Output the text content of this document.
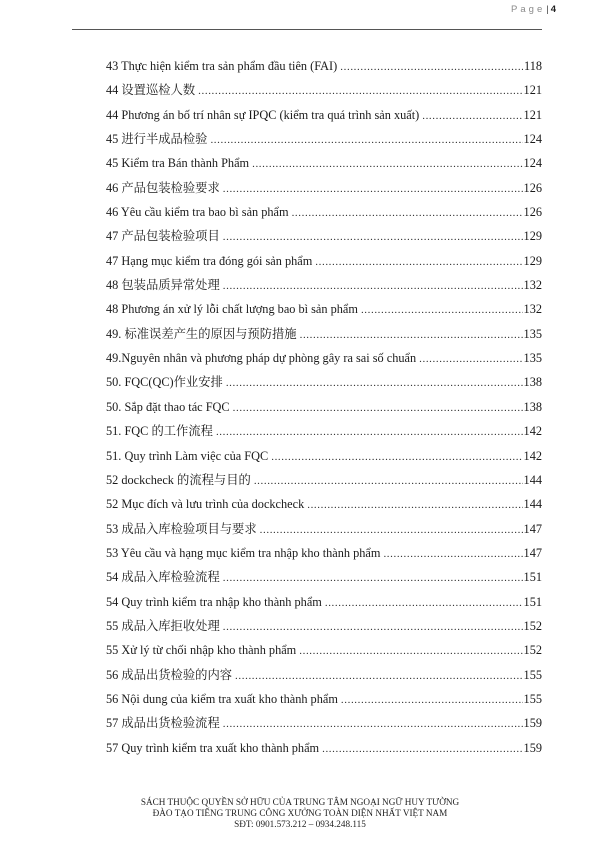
Page| 4
43 Thực hiện kiểm tra sản phẩm đầu tiên (FAI) .....	118
44 设置巡检人数 .....	121
44 Phương án bố trí nhân sự IPQC (kiểm tra quá trình sản xuất) .....	121
45 进行半成品检验 .....	124
45 Kiểm tra Bán thành Phẩm .....	124
46 产品包装检验要求 .....	126
46 Yêu cầu kiểm tra bao bì sản phẩm .....	126
47 产品包装检验项目 .....	129
47 Hạng mục kiểm tra đóng gói sản phẩm .....	129
48 包装品质异常处理 .....	132
48 Phương án xử lý lỗi chất lượng bao bì sản phẩm .....	132
49. 标准误差产生的原因与预防措施 .....	135
49.Nguyên nhân và phương pháp dự phòng gây ra sai số chuẩn .....	135
50. FQC(QC)作业安排 .....	138
50. Sắp đặt thao tác FQC .....	138
51. FQC 的工作流程 .....	142
51. Quy trình Làm việc của FQC .....	142
52 dockcheck 的流程与目的 .....	144
52 Mục đích và lưu trình của dockcheck .....	144
53 成品入库检验项目与要求 .....	147
53 Yêu cầu và hạng mục kiểm tra nhập kho thành phẩm .....	147
54 成品入库检验流程 .....	151
54 Quy trình kiểm tra nhập kho thành phẩm .....	151
55 成品入库拒收处理 .....	152
55 Xử lý từ chối nhập kho thành phẩm .....	152
56 成品出货检验的内容 .....	155
56 Nội dung của kiểm tra xuất kho thành phẩm .....	155
57 成品出货检验流程 .....	159
57 Quy trình kiểm tra xuất kho thành phẩm .....	159
SÁCH THUỘC QUYỀN SỞ HỮU CỦA TRUNG TÂM NGOẠI NGỮ HUY TƯỜNG
ĐÀO TẠO TIẾNG TRUNG CÔNG XƯỞNG TOÀN DIỆN NHẤT VIỆT NAM
SĐT: 0901.573.212 – 0934.248.115
